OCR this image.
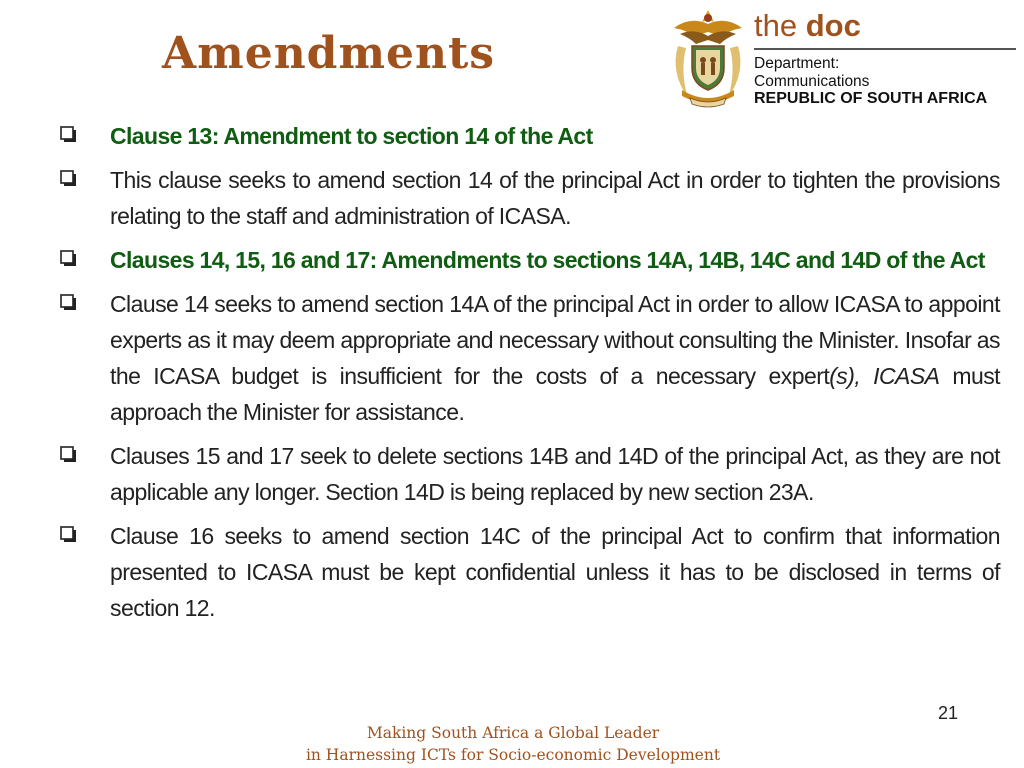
Amendments
the doc
Department:
Communications
REPUBLIC OF SOUTH AFRICA
Clause 13: Amendment to section 14 of the Act
This clause seeks to amend section 14 of the principal Act in order to tighten the provisions relating to the staff and administration of ICASA.
Clauses 14, 15, 16 and 17: Amendments to sections 14A, 14B, 14C and 14D of the Act
Clause 14 seeks to amend section 14A of the principal Act in order to allow ICASA to appoint experts as it may deem appropriate and necessary without consulting the Minister. Insofar as the ICASA budget is insufficient for the costs of a necessary expert(s), ICASA must approach the Minister for assistance.
Clauses 15 and 17 seek to delete sections 14B and 14D of the principal Act, as they are not applicable any longer. Section 14D is being replaced by new section 23A.
Clause 16 seeks to amend section 14C of the principal Act to confirm that information presented to ICASA must be kept confidential unless it has to be disclosed in terms of section 12.
21
Making South Africa a Global Leader
in Harnessing ICTs for Socio-economic Development
